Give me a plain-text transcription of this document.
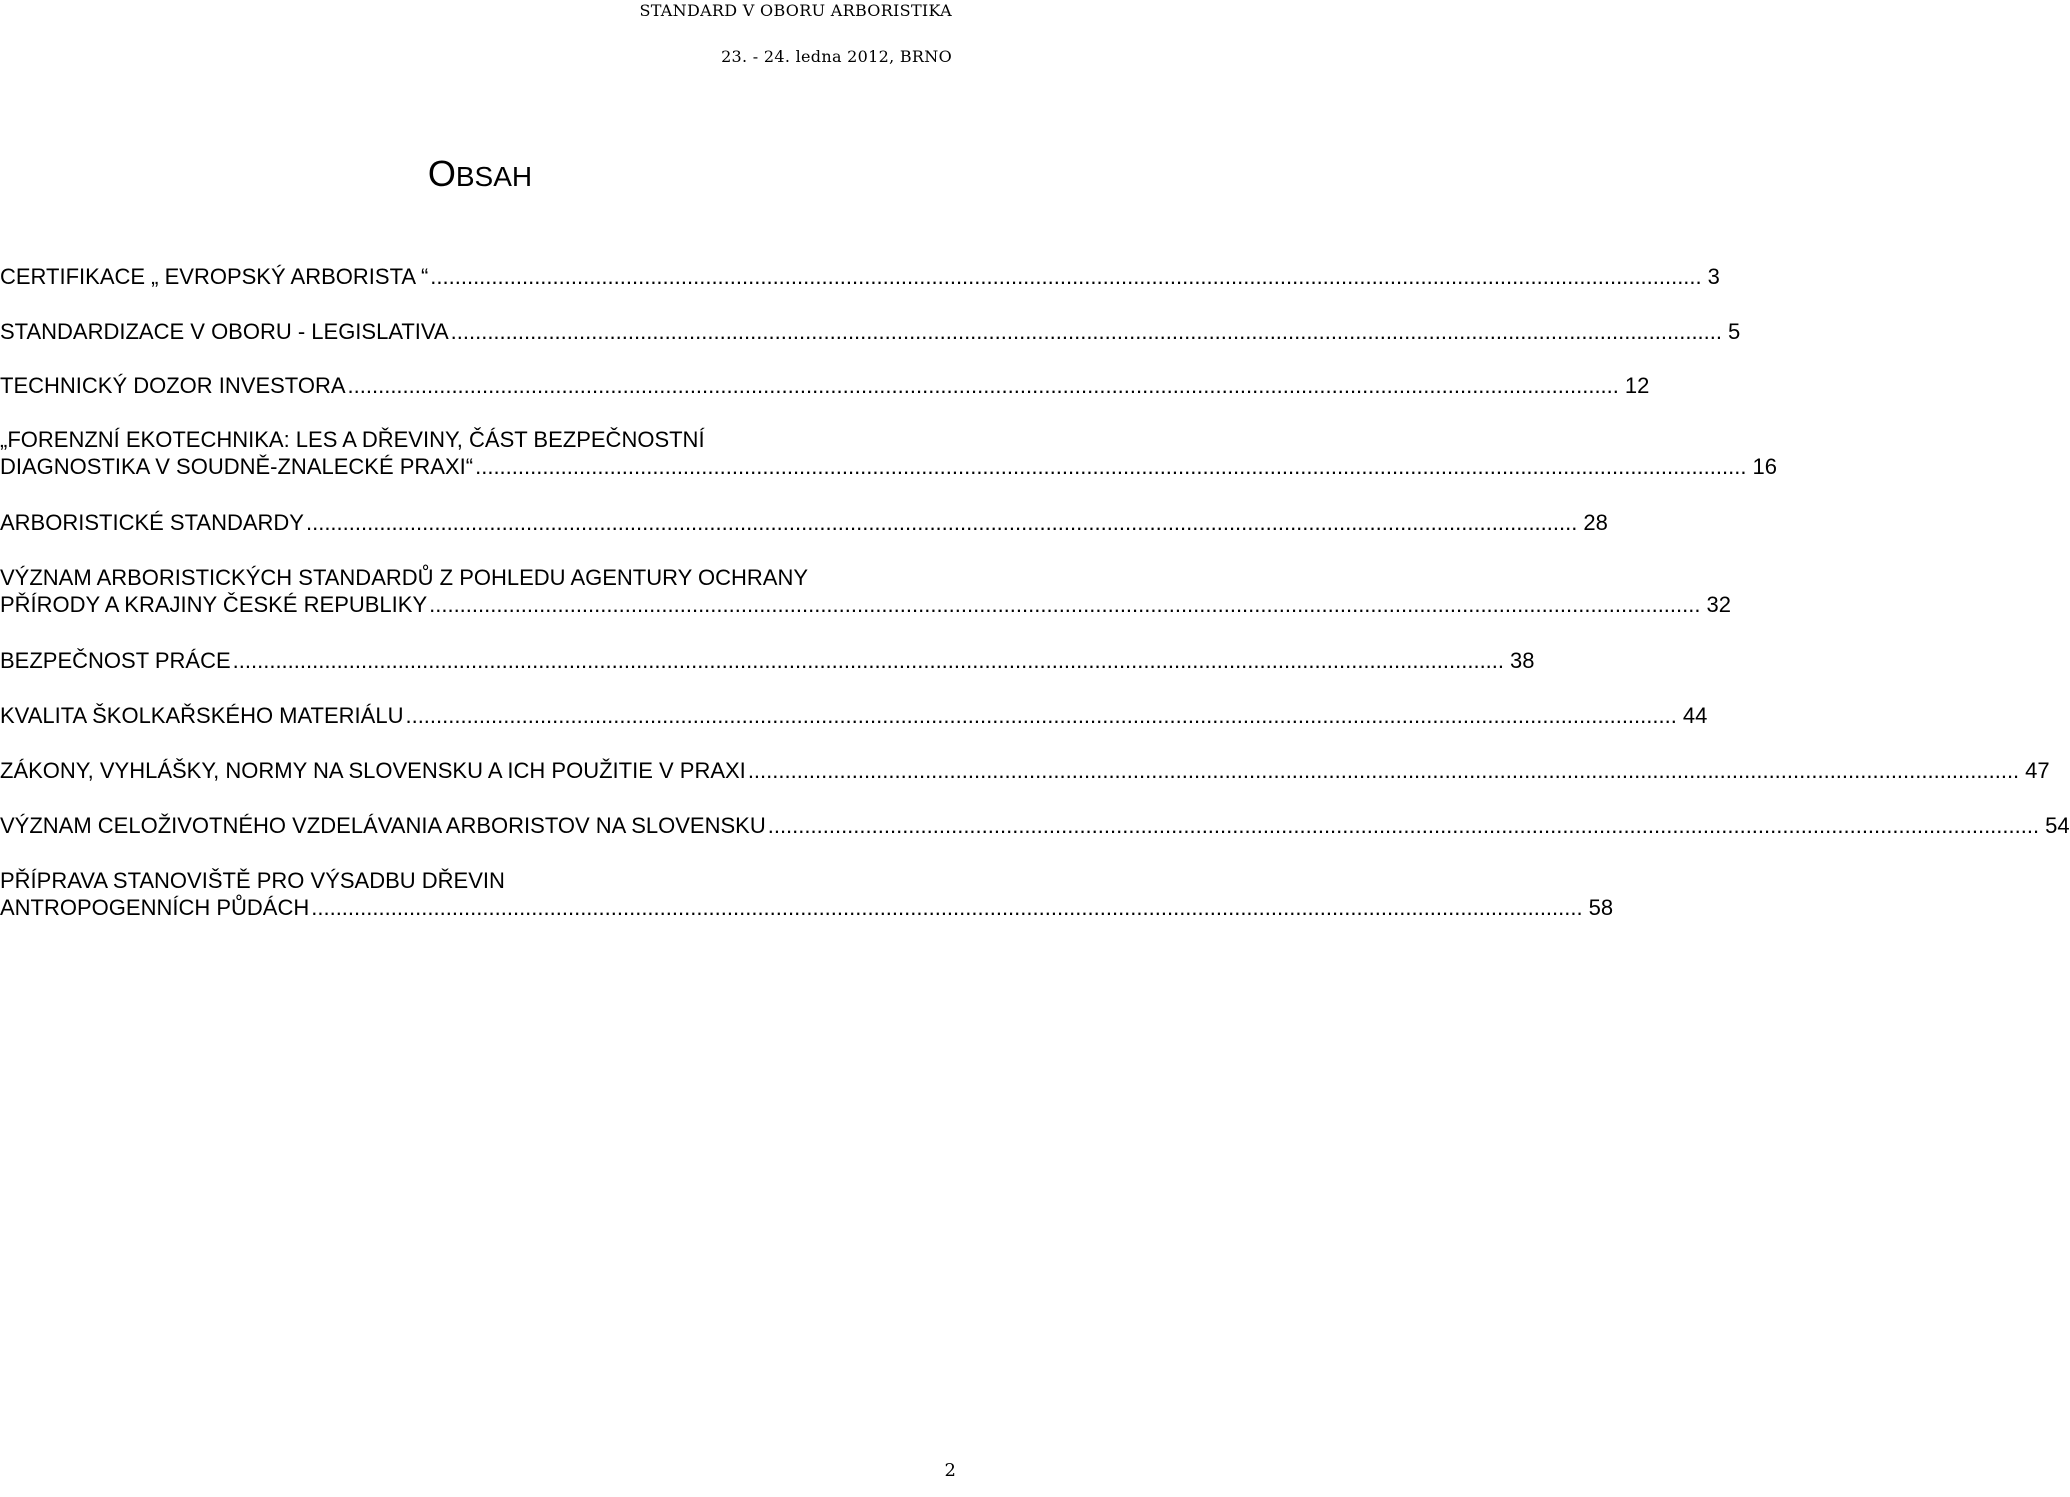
STANDARD V OBORU ARBORISTIKA
23. - 24. ledna 2012, BRNO
OBSAH
CERTIFIKACE „ EVROPSKÝ ARBORISTA “ ................................................................................................................................................................................................................ 3
STANDARDIZACE V OBORU - LEGISLATIVA ................................................................................................................................................................................................................ 5
TECHNICKÝ DOZOR INVESTORA ................................................................................................................................................................................................................ 12
„FORENZNÍ EKOTECHNIKA: LES A DŘEVINY, ČÁST BEZPEČNOSTNÍ
DIAGNOSTIKA V SOUDNĚ-ZNALECKÉ PRAXI“ ................................................................................................................................................................................................................ 16
ARBORISTICKÉ STANDARDY ................................................................................................................................................................................................................ 28
VÝZNAM ARBORISTICKÝCH STANDARDŮ Z POHLEDU AGENTURY OCHRANY
PŘÍRODY A KRAJINY ČESKÉ REPUBLIKY ................................................................................................................................................................................................................ 32
BEZPEČNOST PRÁCE ................................................................................................................................................................................................................ 38
KVALITA ŠKOLKAŘSKÉHO MATERIÁLU ................................................................................................................................................................................................................ 44
ZÁKONY, VYHLÁŠKY, NORMY NA SLOVENSKU A ICH POUŽITIE V PRAXI ................................................................................................................................................................................................................ 47
VÝZNAM CELOŽIVOTNÉHO VZDELÁVANIA ARBORISTOV NA SLOVENSKU ................................................................................................................................................................................................................ 54
PŘÍPRAVA STANOVIŠTĚ PRO VÝSADBU DŘEVIN
ANTROPOGENNÍCH PŮDÁCH ................................................................................................................................................................................................................ 58
2
